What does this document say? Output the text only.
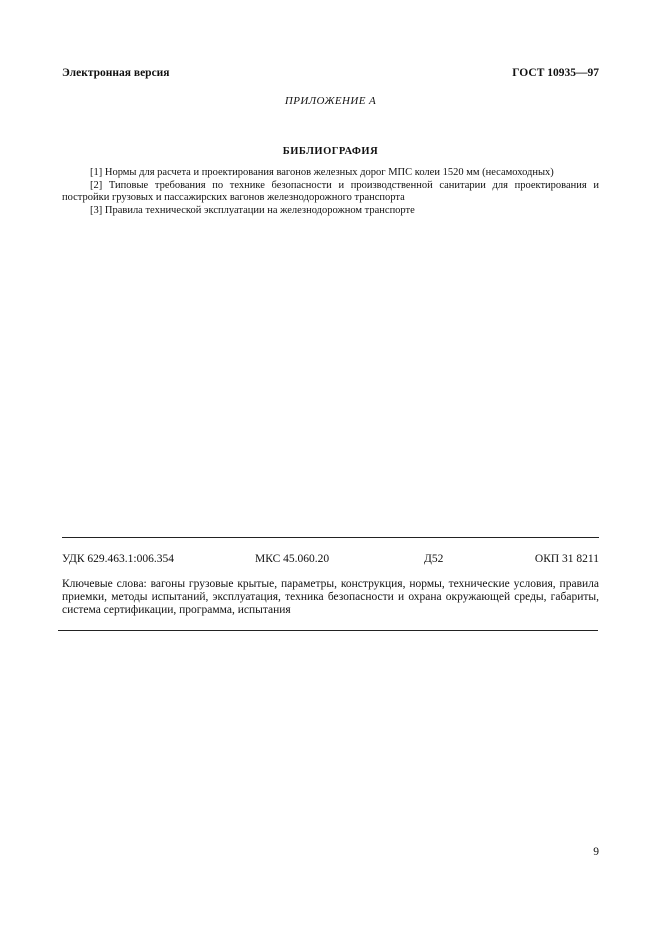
Электронная версия	ГОСТ 10935—97
ПРИЛОЖЕНИЕ А
БИБЛИОГРАФИЯ

[1] Нормы для расчета и проектирования вагонов железных дорог МПС колеи 1520 мм (несамоходных)

[2] Типовые требования по технике безопасности и производственной санитарии для проектирования и постройки грузовых и пассажирских вагонов железнодорожного транспорта

[3] Правила технической эксплуатации на железнодорожном транспорте

УДК 629.463.1:006.354	МКС 45.060.20	Д52	ОКП 31 8211
Ключевые слова: вагоны грузовые крытые, параметры, конструкция, нормы, технические условия, правила приемки, методы испытаний, эксплуатация, техника безопасности и охрана окружающей среды, габариты, система сертификации, программа, испытания
9
